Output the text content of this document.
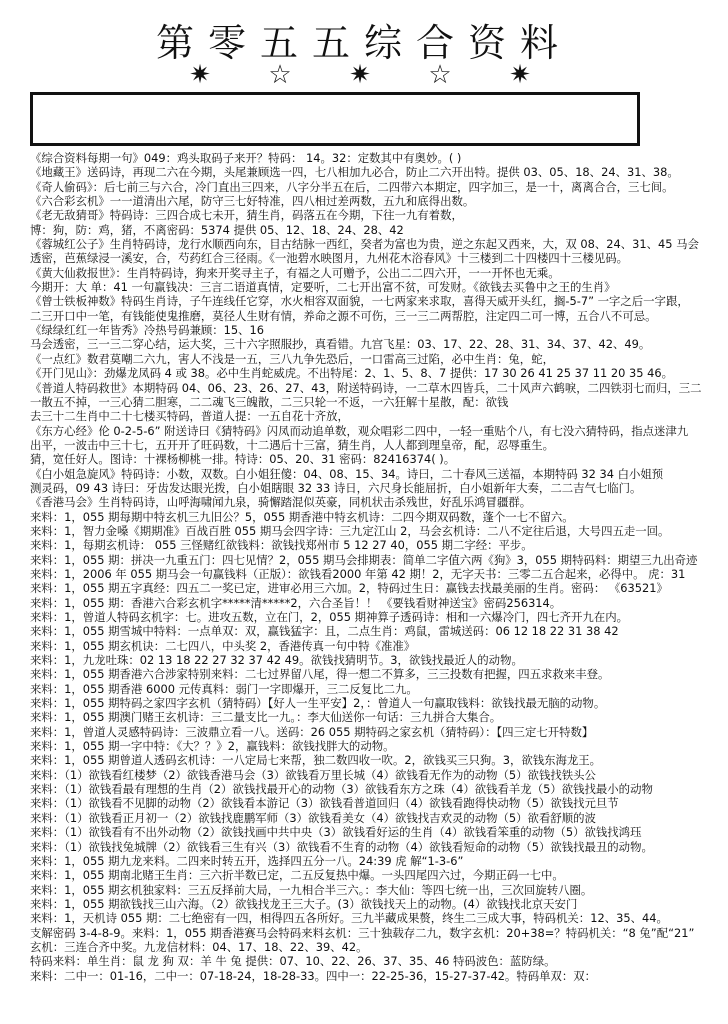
第零五五综合资料
✷	☆	✷	☆	✷
《综合资料每期一句》049：鸡头取码子来开？特码： 14。32：定数其中有奥妙。( )
《地藏王》送码诗，再现二六在今期，头尾兼顾选一四，七八相加九必合，防止二六开出特。提供 03、05、18、24、31、38。
《奇人偷码》：后七前三与六合，冷门直出三四来，八字分半五在后，二四带六本期定，四字加三，是一十，离离合合，三七间。
《六合彩玄机》一一道清出六尾，防守三七好特准，四八相过差两数，五九和底得出数。
《老无敌猜哥》特码诗：三四合成七未开，猜生肖，码落五在今期，下往一九有着数，
博：狗，防：鸡，猪，不离密码：5374 提供 05、12、18、24、28、42
《蓉城红公子》生肖特码诗，龙行水顺西向东，目古结脉一西红，癸者为富也为贵，逆之东起又西来，大，双 08、24、31、45 马会
透密，芭蕉绿浸一溪安，合，芍药红合三径雨。《一池碧水映图月，九州花木浴春风》十三楼到二十四楼四十三楼见码。
《黄大仙救报世》：生肖特码诗，狗来开奖寻主子，有福之人可赠予，公出二二四六开，一一开怀也无乘。
今期开：大 单：41 一句赢钱决：三言二语道真情，定要听，二七开出富不贫，可发财。《欲钱去买鲁中之王的生肖》
《曾士铁板神数》特码生肖诗，子午连线任它穿，水火相容双面貌，一七两家来求取，喜得天威开头红，搁-5-7” 一字之后一字跟，
二三开口中一笔，有钱能使鬼推磨，莫径人生财有情，养命之源不可伤，三一三二两帮腔，注定四二可一博，五合八不可忌。
《绿绿红红一年皆秀》冷热号码兼顾：15、16
马会透密，三一三二穿心结，运大奖，三十六字照服抄，真看错。九宫飞星：03、17、22、28、31、34、37、42、49。
《一点红》数君莫嘲二六九，害人不浅是一五，三八九争先恐后，一口雷高三过陷，必中生肖：兔，蛇，
《开门见山》：劲爆龙凤码 4 或 38。必中生肖蛇威虎。不出特尾：2、1、5、8、7 提供：17 30 26 41 25 37 11 20 35 46。
《普道人特码救世》本期特码 04、06、23、26、27、43，附送特码诗，一二草木四皆兵，二十风声六鹤唳，二四铁羽七而归，三二
一散五不掉，一三心猜二胆寒，二二魂飞三魄散，二三只轮一不返，一六狂解十星散，配：欲钱
去三十二生肖中二十七楼买特码，普道人提：一五自花十齐放，
《东方心经》伦 0-2-5-6” 附送诗曰《猜特码》闪凤而动追单数，观众唱彩二四中，一轻一重贴个八，有七没六猜特码，指点迷津九
出平，一波击中三十七，五开开了旺码数，十二遇后十三富，猜生肖，人人都到理皇帝，配，忍辱重生。
猜，宽任好人。图诗：十裸杨柳桃一排。特诗：05、20、31 密码：82416374( )。
《白小姐急旋风》特码诗：小数，双数。白小姐狂傻：04、08、15、34。诗曰，二十春风三送福，本期特码 32 34 白小姐预
测灵码，09 43 诗曰：牙齿发达眼光拨，白小姐瞎眼 32 33 诗日，六尺身长能屈折，白小姐新年大奏，二二吉气七临门。
《香港马会》生肖特码诗，山呼海啸闻九泉，骑懈踏混似英豪，同机状击杀残世，好乱乐鸿冒疆群。
来料：1，055 期每期中特玄机三九旧公？5，055 期香港中特玄机诗：二四今期双码数，蓬个一七不留六。
来料：1，智力金嗓《期期准》百战百胜 055 期马会四字诗：三九定江山 2，马会玄机诗：二八不定往后退，大号四五走一回。
来料：1，每期玄机诗： 055 三怪赌红欲钱料：欲钱找郑州市 5 12 27 40，055 期二字经：平步。
来料：1，055 期：拼决一九重五门：四七见情？2，055 期马会排期表：简单二字值六两《狗》3，055 期特码料：期望三九出奇迹
来料：1，2006 年 055 期马会一句赢钱料（正版）：欲钱看2000 年第 42 期！2，无字天书：三零二五合起来，必得中。 虎：31
来料：1，055 期五字真经：四五二一奖已定，进审必用三六加。2，特码过生日：赢钱去找最美丽的生肖。密码： 《63521》
来料：1，055 期：香港六合彩玄机字*****清*****2，六合圣旨！！ 《要钱看财神送宝》密码256314。
来料：1，曾道人特码玄机字：七。进攻五数，立在门，2，055 期神算子透码诗：相和一六爆冷门，四七齐开九在内。
来料：1，055 期雪城中特料：一点单双：双，赢钱猛字：且，二点生肖：鸡鼠，雷城送码：06 12 18 22 31 38 42
来料：1，055 期玄机诀：二七四八，中头奖 2，香港传真一句中特《准准》
来料：1，九龙吐珠：02 13 18 22 27 32 37 42 49。欲钱找猜明节。3，欲钱找最近人的动物。
来料：1，055 期香港六合涉家特别来料：二七过界留八尾，得一想二不算多，三三投数有把握，四五求救来丰登。
来料：1，055 期香港 6000 元传真料：弱门一字即爆开，三二反复比二九。
来料：1，055 期特码之家四字玄机（猜特码）【好人一生平安】2，：曾道人一句赢取钱料：欲钱找最无脑的动物。
来料：1，055 期澳门赌王玄机诗：三二量支比一九。：李大仙送你一句话：三九拼合大集合。
来料：1，曾道人灵感特码诗：三波鼎立看一八。送码：26 055 期特码之家玄机（猜特码）：【四三定七开特数】
来料：1，055 期一字中特：《大？？》2，赢钱料：欲钱找胖大的动物。
来料：1，055 期曾道人透码玄机诗：一八定局七来帮，独二数四收一吹。2，欲钱买三只狗。3，欲钱东海龙王。
来料：（1）欲钱看红楼梦（2）欲钱香港马会（3）欲钱看万里长城（4）欲钱看无作为的动物（5）欲钱找铁头公
来料：（1）欲钱看最有理想的生肖（2）欲钱找最开心的动物（3）欲钱看东方之珠（4）欲钱看羊龙（5）欲钱找最小的动物
来料：（1）欲钱看不见脚的动物（2）欲钱看本游记（3）欲钱看普道回归（4）欲钱看跑得快动物（5）欲钱找元旦节
来料：（1）欲钱看正月初一（2）欲钱找鹿鹏军师（3）欲钱看美女（4）欲钱找吉欢灵的动物（5）欲看舒顺的波
来料：（1）欲钱看有不出外动物（2）欲钱找画中共中央（3）欲钱看好运的生肖（4）欲钱看笨重的动物（5）欲钱找鸿珏
来料：（1）欲钱找兔城牌（2）欲钱看三生有兴（3）欲钱看不生育的动物（4）欲钱看短命的动物（5）欲钱找最丑的动物。
来料：1，055 期九龙来料。二四来时转五开，选择四五分一八。24:39 虎 解“1-3-6”
来料：1，055 期南北赌王生肖：三六折半数已定，二五反复热中爆。一头四尾四六过，今期正码一七中。
来料：1，055 期玄机独家料：三五反择前大局，一九相合半三六。：李大仙：等四七统一出，三次回旋转八圈。
来料：1，055 期欲钱找三山六海。（2）欲钱找龙王三大子。(3）欲钱找天上的动物。(4）欲钱找北京天安门
来料：1，天机诗 055 期：二七绝密有一四，相得四五各所好。三九半藏成果赘，终生二三成大事，特码机关：12、35、44。
支解密码 3-4-8-9。来料：1，055 期香港赛马会特码来料玄机：三十独载存二九，数字玄机：20+38=？特码机关：“8 兔”配“21”
玄机：三连合齐中奖。九龙信材料：04、17、18、22、39、42。
特码来料：单生肖：鼠 龙 狗 双：羊 牛 兔 提供：07、10、22、26、37、35、46 特码波色：蓝防绿。
来料：二中一：01-16，二中一：07-18-24，18-28-33。四中一：22-25-36，15-27-37-42。特码单双：双：
